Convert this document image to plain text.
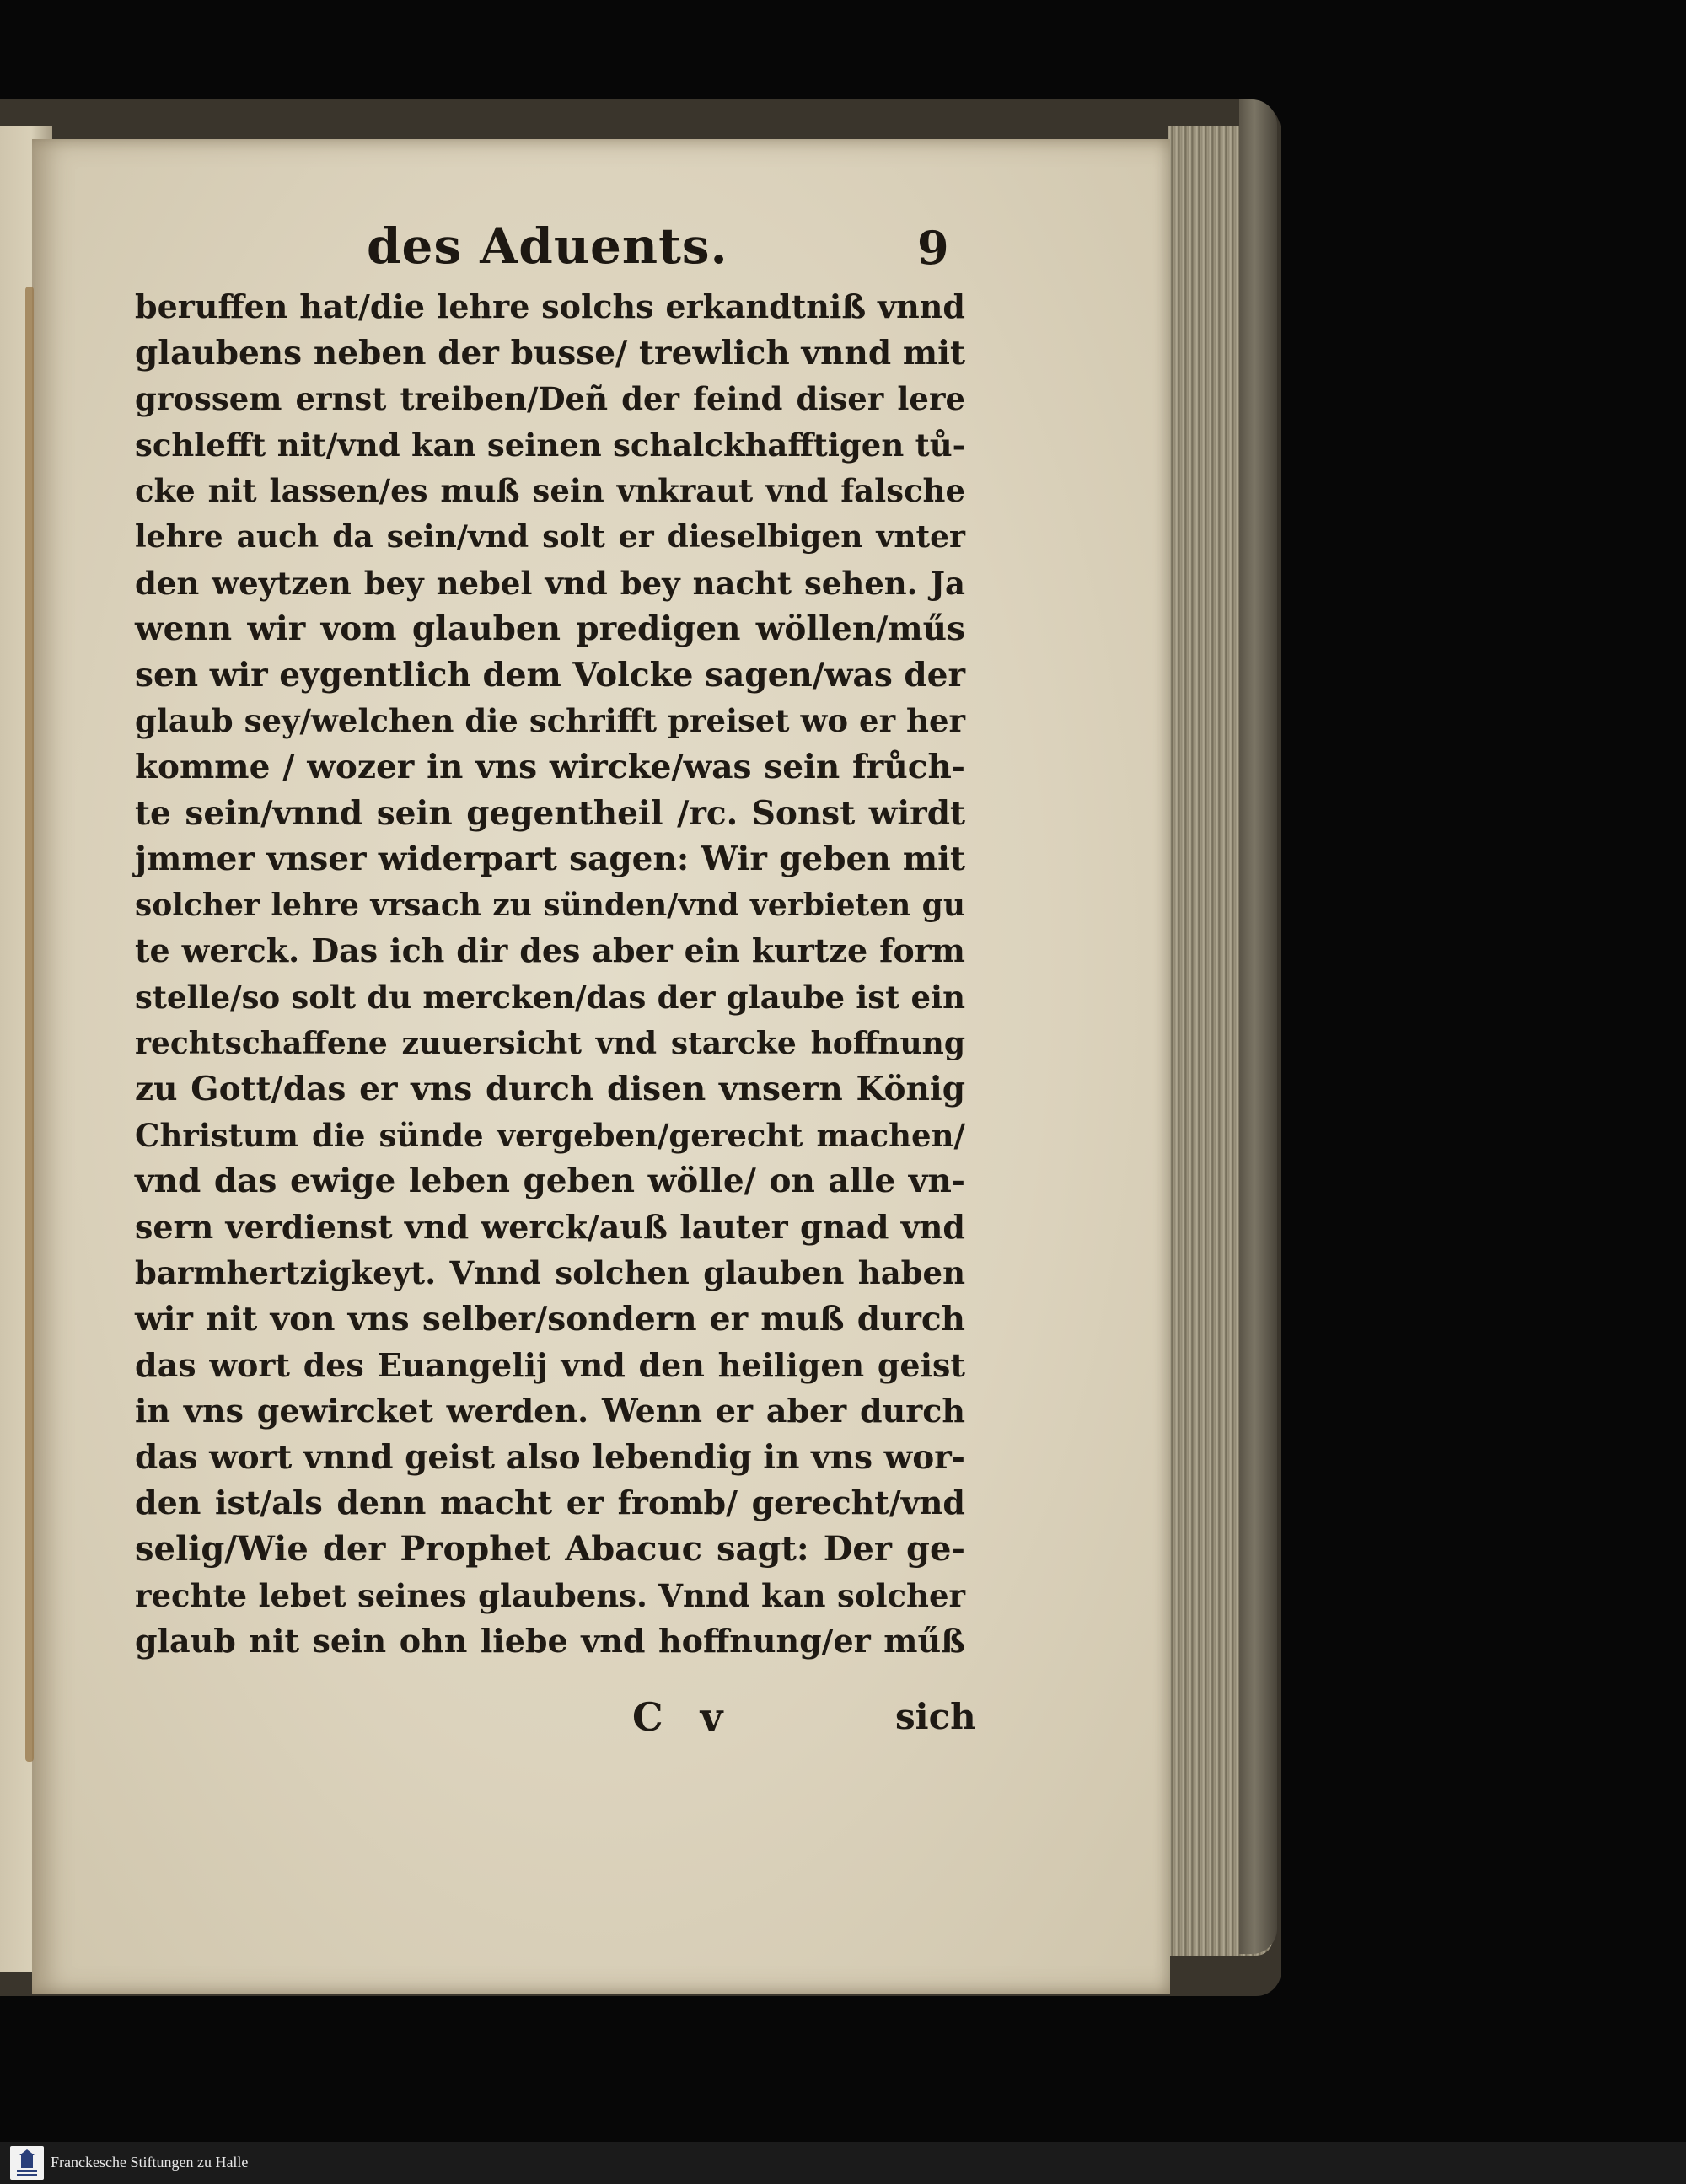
des Aduents.	9
beruffen hat/die lehre solchs erkandtniß vnnd
glaubens neben der busse/ trewlich vnnd mit
grossem ernst treiben/Deñ der feind diser lere
schlefft nit/vnd kan seinen schalckhafftigen tů-
cke nit lassen/es muß sein vnkraut vnd falsche
lehre auch da sein/vnd solt er dieselbigen vnter
den weytzen bey nebel vnd bey nacht sehen. Ja
wenn wir vom glauben predigen wöllen/műs
sen wir eygentlich dem Volcke sagen/was der
glaub sey/welchen die schrifft preiset wo er her
komme / wozer in vns wircke/was sein frůch-
te sein/vnnd sein gegentheil /rc. Sonst wirdt
jmmer vnser widerpart sagen: Wir geben mit
solcher lehre vrsach zu sünden/vnd verbieten gu
te werck. Das ich dir des aber ein kurtze form
stelle/so solt du mercken/das der glaube ist ein
rechtschaffene zuuersicht vnd starcke hoffnung
zu Gott/das er vns durch disen vnsern König
Christum die sünde vergeben/gerecht machen/
vnd das ewige leben geben wölle/ on alle vn-
sern verdienst vnd werck/auß lauter gnad vnd
barmhertzigkeyt. Vnnd solchen glauben haben
wir nit von vns selber/sondern er muß durch
das wort des Euangelij vnd den heiligen geist
in vns gewircket werden. Wenn er aber durch
das wort vnnd geist also lebendig in vns wor-
den ist/als denn macht er fromb/ gerecht/vnd
selig/Wie der Prophet Abacuc sagt: Der ge-
rechte lebet seines glaubens. Vnnd kan solcher
glaub nit sein ohn liebe vnd hoffnung/er műß
C v	sich
Franckesche Stiftungen zu Halle
